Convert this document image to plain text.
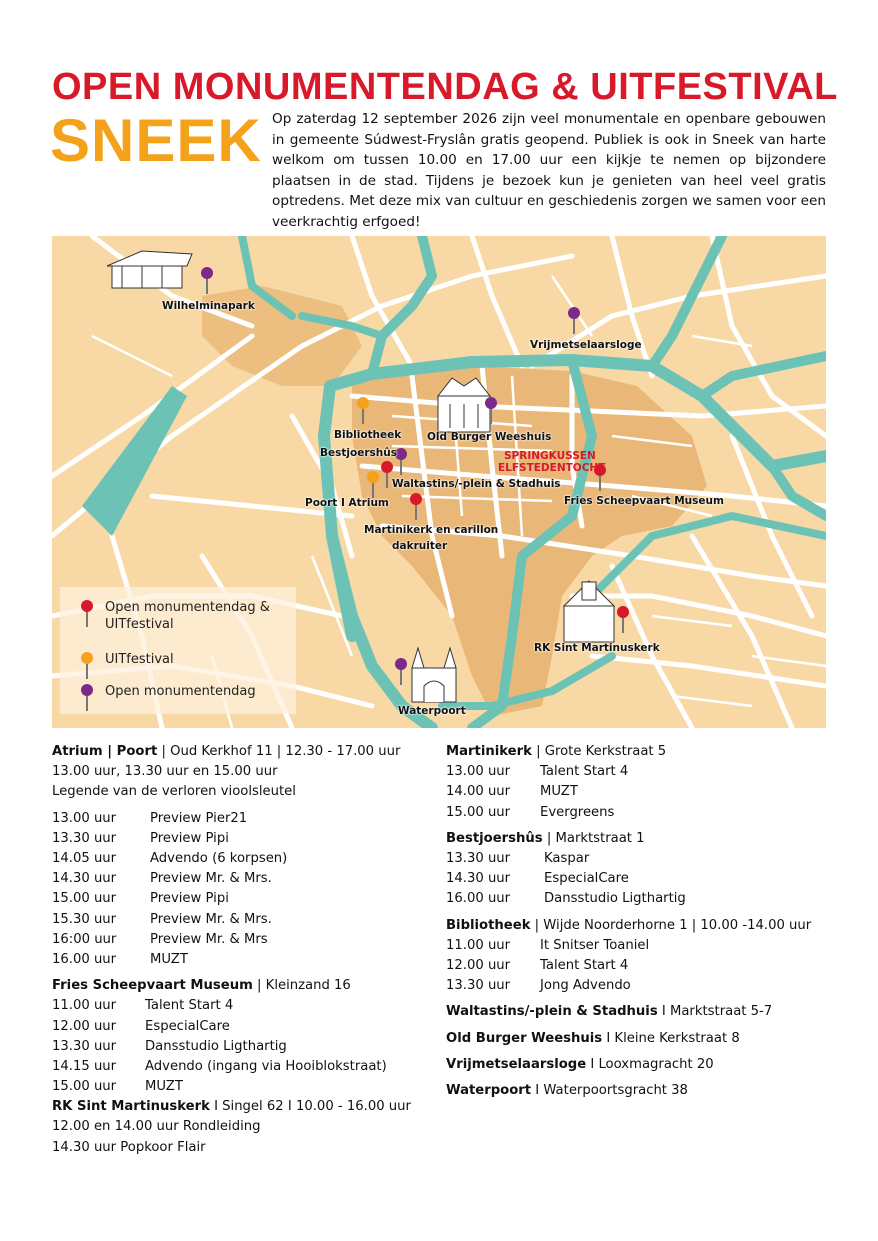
OPEN MONUMENTENDAG & UITFESTIVAL
SNEEK Op zaterdag 12 september 2026 zijn veel monumentale en openbare gebouwen in gemeente Súdwest-Fryslân gratis geopend. Publiek is ook in Sneek van harte welkom om tussen 10.00 en 17.00 uur een kijkje te nemen op bijzondere plaatsen in de stad. Tijdens je bezoek kun je genieten van heel veel gratis optredens. Met deze mix van cultuur en geschiedenis zorgen we samen voor een veerkrachtig erfgoed!
Wilhelminapark
Vrijmetselaarsloge
Bibliotheek Old Burger Weeshuis
SPRINGKUSSEN
ELFSTEDENTOCHT
Bestjoershûs
Waltastins/-plein & Stadhuis
Fries Scheepvaart Museum
Poort I Atrium
Martinikerk en carillon
dakruiter
RK Sint Martinuskerk
Waterpoort
Open monumentendag & UITfestival
UITfestival
Open monumentendag
Atrium | Poort | Oud Kerkhof 11 | 12.30 - 17.00 uur
13.00 uur, 13.30 uur en 15.00 uur
Legende van de verloren vioolsleutel
13.00 uur	Preview Pier21
13.30 uur	Preview Pipi
14.05 uur	Advendo (6 korpsen)
14.30 uur	Preview Mr. & Mrs.
15.00 uur	Preview Pipi
15.30 uur	Preview Mr. & Mrs.
16:00 uur	Preview Mr. & Mrs
16.00 uur	MUZT
Fries Scheepvaart Museum | Kleinzand 16
11.00 uur Talent Start 4
12.00 uur EspecialCare
13.30 uur Dansstudio Ligthartig
14.15 uur Advendo (ingang via Hooiblokstraat)
15.00 uur MUZT
RK Sint Martinuskerk I Singel 62 I 10.00 - 16.00 uur
12.00 en 14.00 uur Rondleiding
14.30 uur Popkoor Flair
Martinikerk | Grote Kerkstraat 5
13.00 uur Talent Start 4
14.00 uur MUZT
15.00 uur Evergreens
Bestjoershûs | Marktstraat 1
13.30 uur	Kaspar
14.30 uur	EspecialCare
16.00 uur	Dansstudio Ligthartig
Bibliotheek | Wijde Noorderhorne 1 | 10.00 -14.00 uur
11.00 uur It Snitser Toaniel
12.00 uur Talent Start 4
13.30 uur Jong Advendo
Waltastins/-plein & Stadhuis I Marktstraat 5-7
Old Burger Weeshuis I Kleine Kerkstraat 8
Vrijmetselaarsloge I Looxmagracht 20
Waterpoort I Waterpoortsgracht 38
